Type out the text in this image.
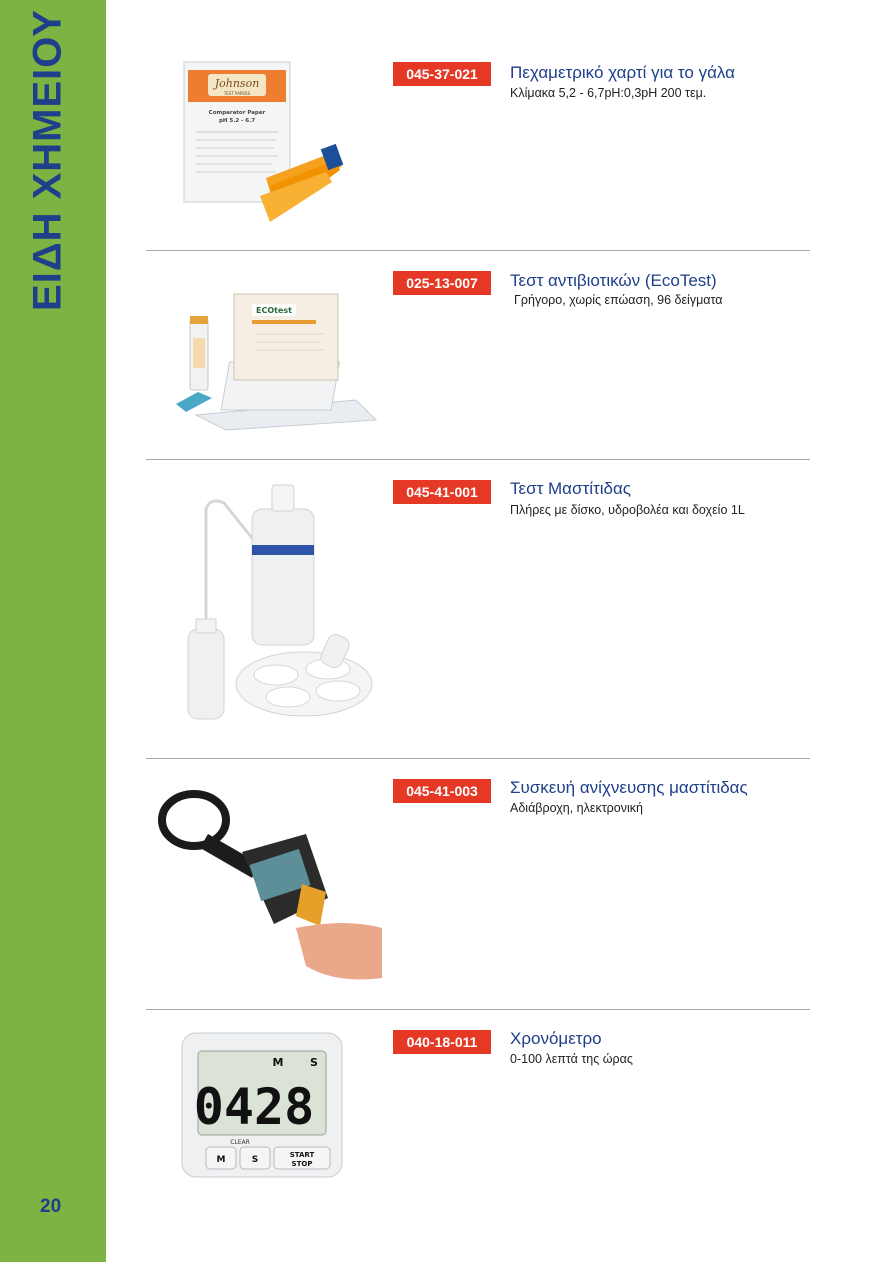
ΕΙΔΗ ΧΗΜΕΙΟΥ
20
Johnson
TEST PAPERS
Comparator Paper
pH 5.2 - 6.7
045-37-021	Πεχαμετρικό χαρτί για το γάλα
Κλίμακα 5,2 - 6,7pH:0,3pH 200 τεμ.
ECOtest
025-13-007	Τεστ αντιβιοτικών (EcoTest)
Γρήγορο, χωρίς επώαση, 96 δείγματα
045-41-001	Τεστ Μαστίτιδας
Πλήρες με δίσκο, υδροβολέα και δοχείο 1L
045-41-003	Συσκευή ανίχνευσης μαστίτιδας
Αδιάβροχη, ηλεκτρονική
0428
M S
CLEAR
M	S	START
STOP
040-18-011	Χρονόμετρο
0-100 λεπτά της ώρας
